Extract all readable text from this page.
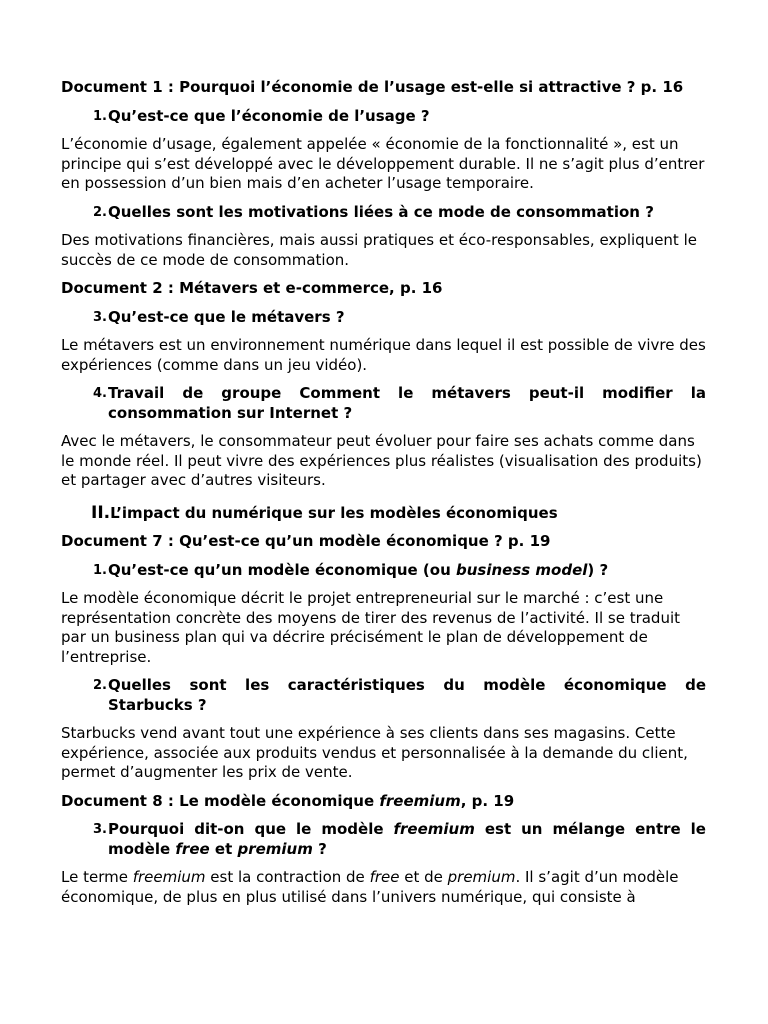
Document 1 : Pourquoi l’économie de l’usage est-elle si attractive ? p. 16
1. Qu’est-ce que l’économie de l’usage ?
L’économie d’usage, également appelée « économie de la fonctionnalité », est un principe qui s’est développé avec le développement durable. Il ne s’agit plus d’entrer en possession d’un bien mais d’en acheter l’usage temporaire.
2. Quelles sont les motivations liées à ce mode de consommation ?
Des motivations financières, mais aussi pratiques et éco-responsables, expliquent le succès de ce mode de consommation.
Document 2 : Métavers et e-commerce, p. 16
3. Qu’est-ce que le métavers ?
Le métavers est un environnement numérique dans lequel il est possible de vivre des expériences (comme dans un jeu vidéo).
4. Travail de groupe Comment le métavers peut-il modifier la
consommation sur Internet ?
Avec le métavers, le consommateur peut évoluer pour faire ses achats comme dans le monde réel. Il peut vivre des expériences plus réalistes (visualisation des produits) et partager avec d’autres visiteurs.
II. L’impact du numérique sur les modèles économiques
Document 7 : Qu’est-ce qu’un modèle économique ? p. 19
1. Qu’est-ce qu’un modèle économique (ou business model) ?
Le modèle économique décrit le projet entrepreneurial sur le marché : c’est une représentation concrète des moyens de tirer des revenus de l’activité. Il se traduit par un business plan qui va décrire précisément le plan de développement de l’entreprise.
2. Quelles sont les caractéristiques du modèle économique de
Starbucks ?
Starbucks vend avant tout une expérience à ses clients dans ses magasins. Cette expérience, associée aux produits vendus et personnalisée à la demande du client, permet d’augmenter les prix de vente.
Document 8 : Le modèle économique freemium, p. 19
3. Pourquoi dit-on que le modèle freemium est un mélange entre le
modèle free et premium ?
Le terme freemium est la contraction de free et de premium. Il s’agit d’un modèle économique, de plus en plus utilisé dans l’univers numérique, qui consiste à
